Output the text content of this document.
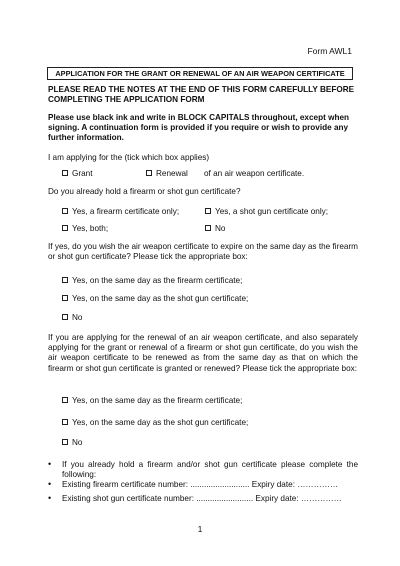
Form AWL1
APPLICATION FOR THE GRANT OR RENEWAL OF AN AIR WEAPON CERTIFICATE
PLEASE READ THE NOTES AT THE END OF THIS FORM CAREFULLY BEFORE COMPLETING THE APPLICATION FORM
Please use black ink and write in BLOCK CAPITALS throughout, except when signing. A continuation form is provided if you require or wish to provide any further information.
I am applying for the (tick which box applies)
Grant	Renewal of an air weapon certificate.
Do you already hold a firearm or shot gun certificate?
Yes, a firearm certificate only;	Yes, a shot gun certificate only;
Yes, both;	No
If yes, do you wish the air weapon certificate to expire on the same day as the firearm or shot gun certificate? Please tick the appropriate box:
Yes, on the same day as the firearm certificate;
Yes, on the same day as the shot gun certificate;
No
If you are applying for the renewal of an air weapon certificate, and also separately applying for the grant or renewal of a firearm or shot gun certificate, do you wish the air weapon certificate to be renewed as from the same day as that on which the firearm or shot gun certificate is granted or renewed? Please tick the appropriate box:
Yes, on the same day as the firearm certificate;
Yes, on the same day as the shot gun certificate;
No
• If you already hold a firearm and/or shot gun certificate please complete the following:
• Existing firearm certificate number: .......................... Expiry date: ……………
• Existing shot gun certificate number: ......................... Expiry date: ……………
1
